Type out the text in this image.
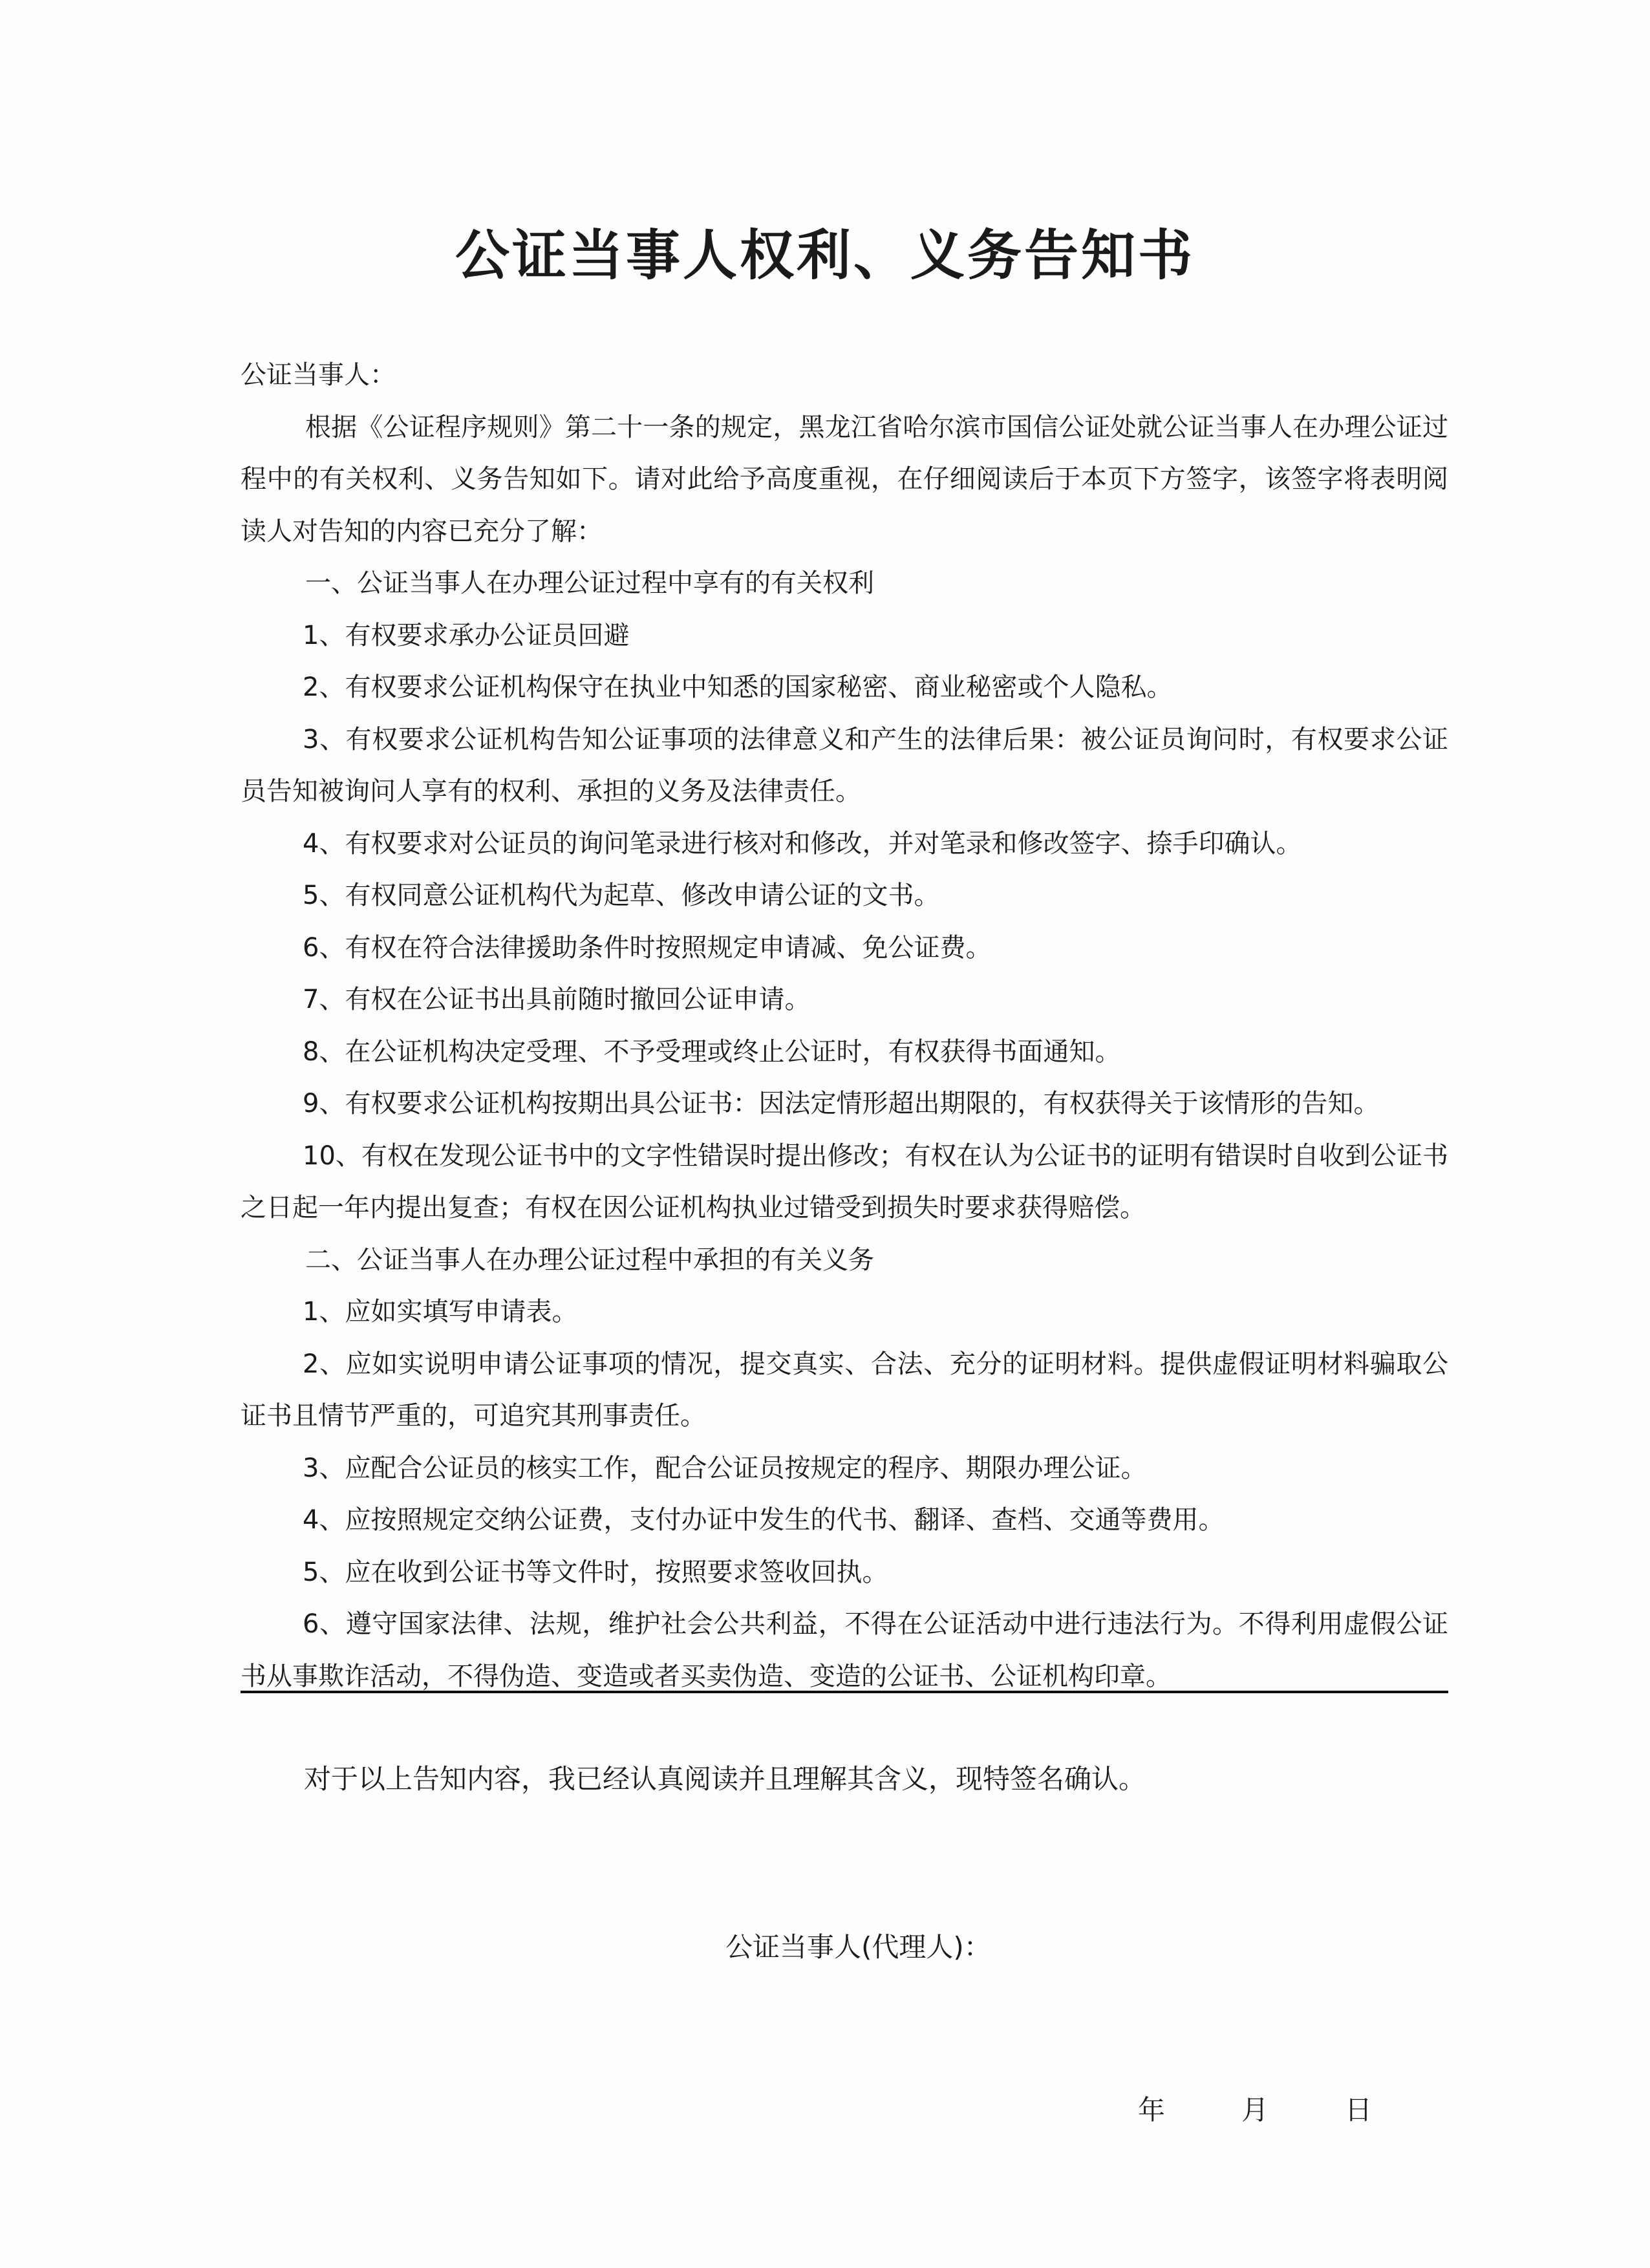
公证当事人权利、义务告知书

公证当事人：

根据《公证程序规则》第二十一条的规定，黑龙江省哈尔滨市国信公证处就公证当事人在办理公证过程中的有关权利、义务告知如下。请对此给予高度重视，在仔细阅读后于本页下方签字，该签字将表明阅读人对告知的内容已充分了解：

一、公证当事人在办理公证过程中享有的有关权利

1、有权要求承办公证员回避

2、有权要求公证机构保守在执业中知悉的国家秘密、商业秘密或个人隐私。

3、有权要求公证机构告知公证事项的法律意义和产生的法律后果：被公证员询问时，有权要求公证员告知被询问人享有的权利、承担的义务及法律责任。

4、有权要求对公证员的询问笔录进行核对和修改，并对笔录和修改签字、捺手印确认。

5、有权同意公证机构代为起草、修改申请公证的文书。

6、有权在符合法律援助条件时按照规定申请减、免公证费。

7、有权在公证书出具前随时撤回公证申请。

8、在公证机构决定受理、不予受理或终止公证时，有权获得书面通知。

9、有权要求公证机构按期出具公证书：因法定情形超出期限的，有权获得关于该情形的告知。

10、有权在发现公证书中的文字性错误时提出修改；有权在认为公证书的证明有错误时自收到公证书之日起一年内提出复查；有权在因公证机构执业过错受到损失时要求获得赔偿。

二、公证当事人在办理公证过程中承担的有关义务

1、应如实填写申请表。

2、应如实说明申请公证事项的情况，提交真实、合法、充分的证明材料。提供虚假证明材料骗取公证书且情节严重的，可追究其刑事责任。

3、应配合公证员的核实工作，配合公证员按规定的程序、期限办理公证。

4、应按照规定交纳公证费，支付办证中发生的代书、翻译、查档、交通等费用。

5、应在收到公证书等文件时，按照要求签收回执。

6、遵守国家法律、法规，维护社会公共利益，不得在公证活动中进行违法行为。不得利用虚假公证书从事欺诈活动，不得伪造、变造或者买卖伪造、变造的公证书、公证机构印章。

对于以上告知内容，我已经认真阅读并且理解其含义，现特签名确认。
公证当事人(代理人)：
年	月	日
